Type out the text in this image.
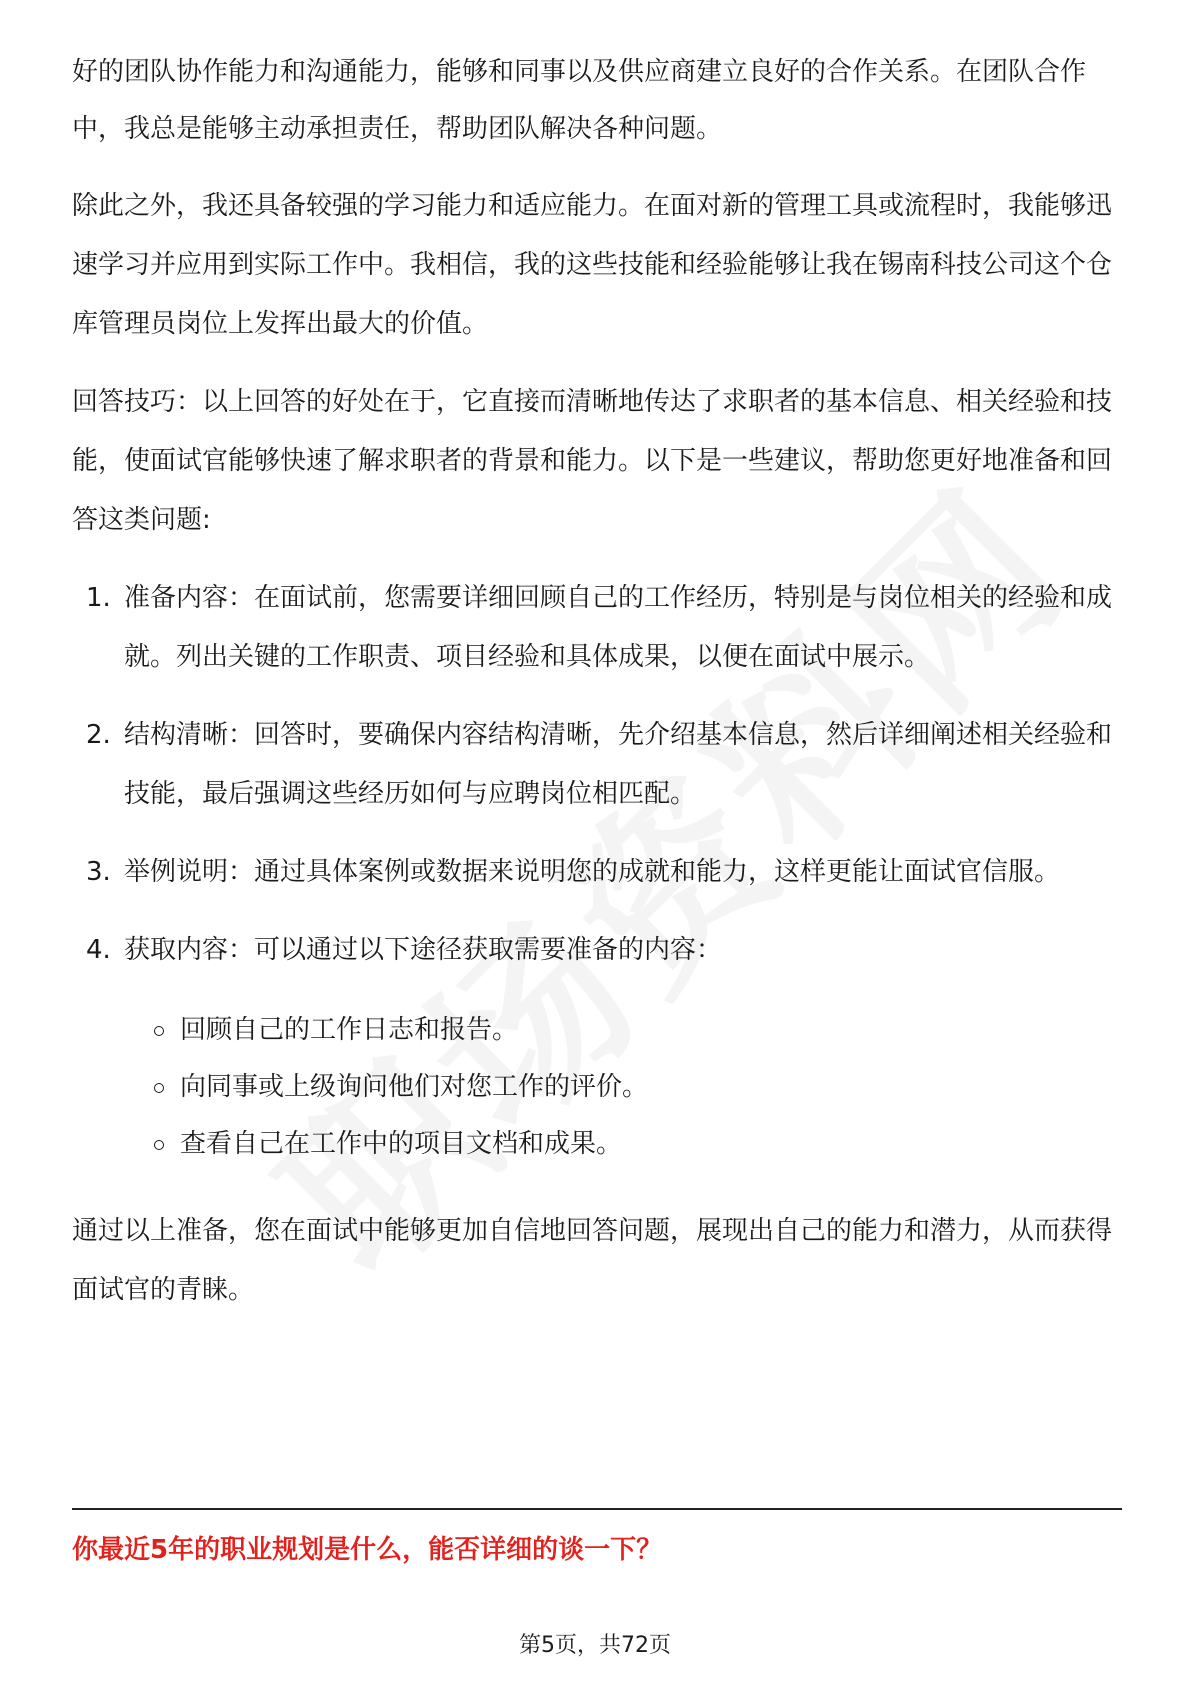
好的团队协作能力和沟通能力，能够和同事以及供应商建立良好的合作关系。在团队合作中，我总是能够主动承担责任，帮助团队解决各种问题。

除此之外，我还具备较强的学习能力和适应能力。在面对新的管理工具或流程时，我能够迅速学习并应用到实际工作中。我相信，我的这些技能和经验能够让我在锡南科技公司这个仓库管理员岗位上发挥出最大的价值。

回答技巧：以上回答的好处在于，它直接而清晰地传达了求职者的基本信息、相关经验和技能，使面试官能够快速了解求职者的背景和能力。以下是一些建议，帮助您更好地准备和回答这类问题:

1. 准备内容：在面试前，您需要详细回顾自己的工作经历，特别是与岗位相关的经验和成就。列出关键的工作职责、项目经验和具体成果，以便在面试中展示。
2. 结构清晰：回答时，要确保内容结构清晰，先介绍基本信息，然后详细阐述相关经验和技能，最后强调这些经历如何与应聘岗位相匹配。
3. 举例说明：通过具体案例或数据来说明您的成就和能力，这样更能让面试官信服。
4. 获取内容：可以通过以下途径获取需要准备的内容：
回顾自己的工作日志和报告。
向同事或上级询问他们对您工作的评价。
查看自己在工作中的项目文档和成果。

通过以上准备，您在面试中能够更加自信地回答问题，展现出自己的能力和潜力，从而获得面试官的青睐。

你最近5年的职业规划是什么，能否详细的谈一下？
第5页，共72页
